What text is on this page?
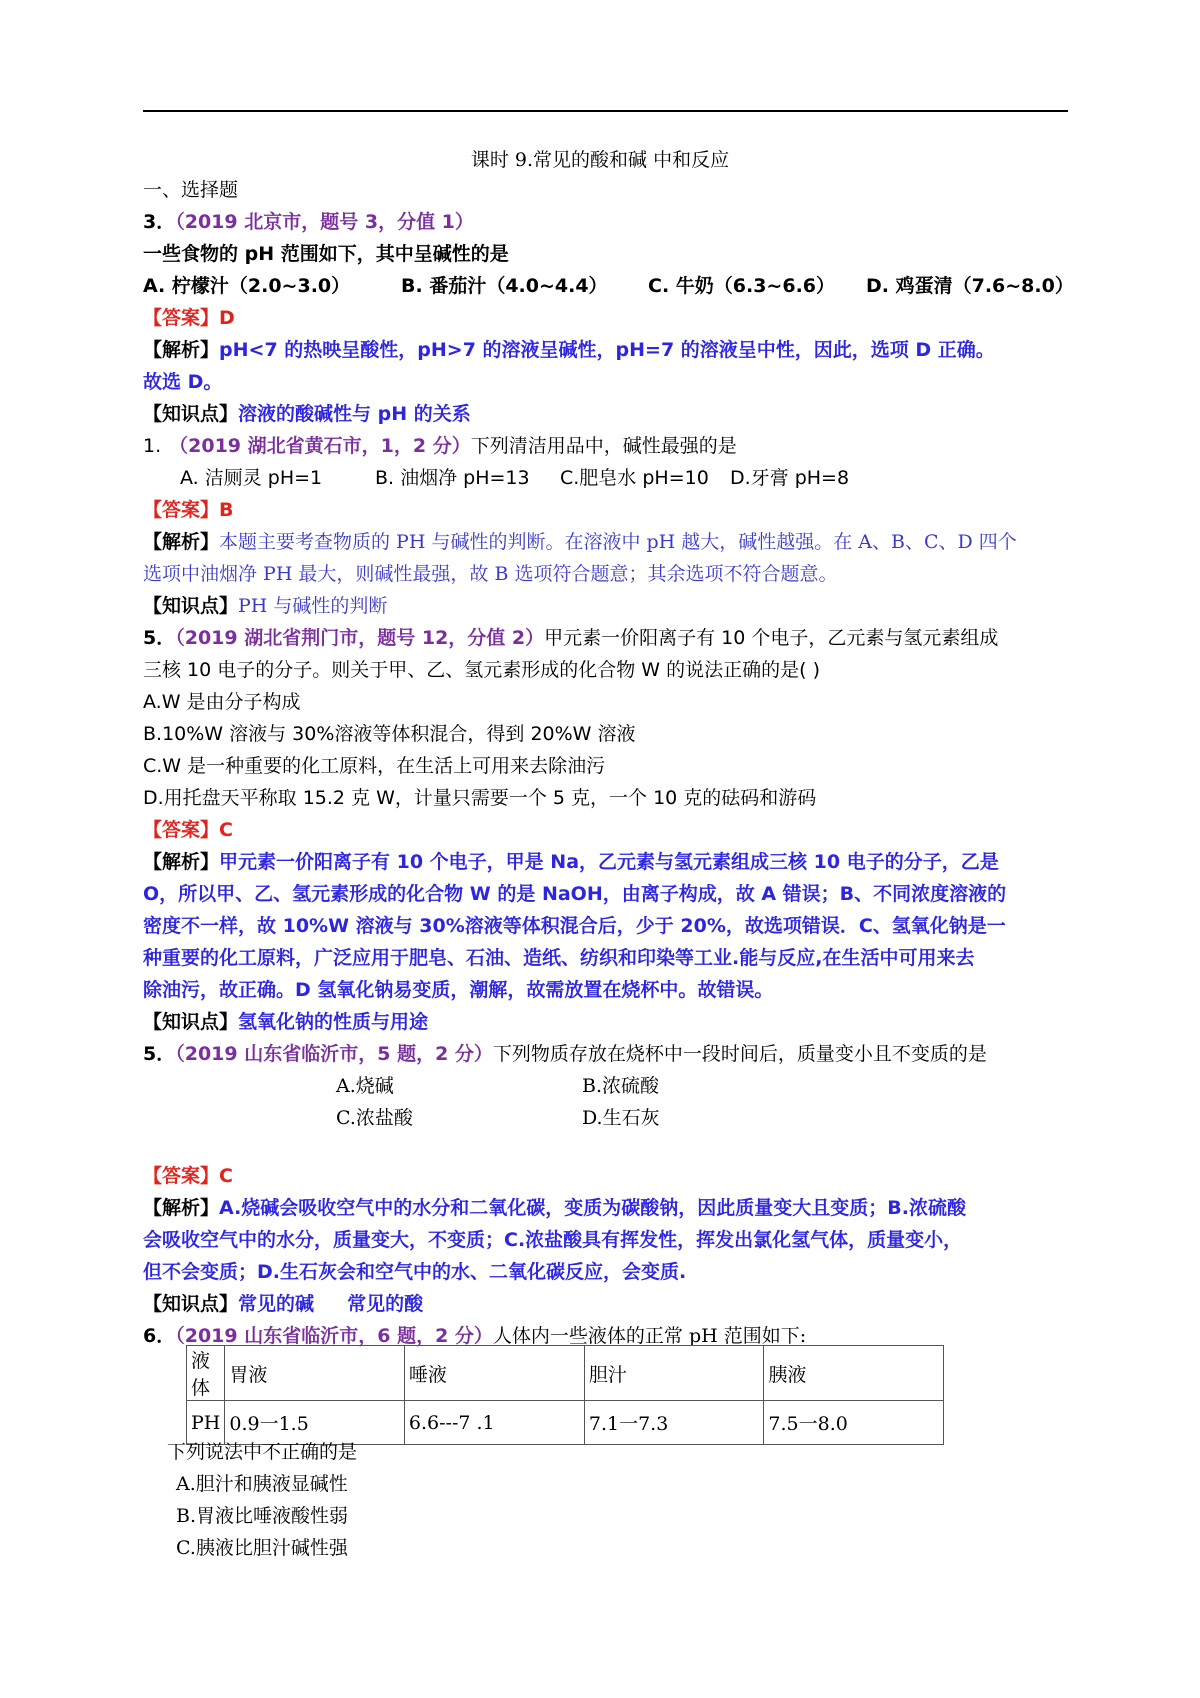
课时 9.常见的酸和碱 中和反应
一、选择题
3．（2019 北京市，题号 3，分值 1）
一些食物的 pH 范围如下，其中呈碱性的是
A. 柠檬汁（2.0~3.0）	B. 番茄汁（4.0~4.4） C. 牛奶（6.3~6.6） D. 鸡蛋清（7.6~8.0）
【答案】D
【解析】pH<7 的热映呈酸性，pH>7 的溶液呈碱性，pH=7 的溶液呈中性，因此，选项 D 正确。
故选 D。
【知识点】溶液的酸碱性与 pH 的关系
1. （2019 湖北省黄石市，1，2 分）下列清洁用品中，碱性最强的是
A. 洁厕灵 pH=1	B. 油烟净 pH=13 C.肥皂水 pH=10 D.牙膏 pH=8
【答案】B
【解析】本题主要考查物质的 PH 与碱性的判断。在溶液中 pH 越大，碱性越强。在 A、B、C、D 四个
选项中油烟净 PH 最大，则碱性最强，故 B 选项符合题意；其余选项不符合题意。
【知识点】PH 与碱性的判断
5．（2019 湖北省荆门市，题号 12，分值 2）甲元素一价阳离子有 10 个电子，乙元素与氢元素组成
三核 10 电子的分子。则关于甲、乙、氢元素形成的化合物 W 的说法正确的是( )
A.W 是由分子构成
B.10%W 溶液与 30%溶液等体积混合，得到 20%W 溶液
C.W 是一种重要的化工原料，在生活上可用来去除油污
D.用托盘天平称取 15.2 克 W，计量只需要一个 5 克，一个 10 克的砝码和游码
【答案】C
【解析】甲元素一价阳离子有 10 个电子，甲是 Na，乙元素与氢元素组成三核 10 电子的分子，乙是
O，所以甲、乙、氢元素形成的化合物 W 的是 NaOH，由离子构成，故 A 错误；B、不同浓度溶液的
密度不一样，故 10%W 溶液与 30%溶液等体积混合后，少于 20%，故选项错误．C、氢氧化钠是一
种重要的化工原料，广泛应用于肥皂、石油、造纸、纺织和印染等工业.能与反应,在生活中可用来去
除油污，故正确。D 氢氧化钠易变质，潮解，故需放置在烧杯中。故错误。
【知识点】氢氧化钠的性质与用途
5．（2019 山东省临沂市，5 题，2 分）下列物质存放在烧杯中一段时间后，质量变小且不变质的是
A.烧碱	B.浓硫酸
C.浓盐酸	D.生石灰
【答案】C
【解析】A.烧碱会吸收空气中的水分和二氧化碳，变质为碳酸钠，因此质量变大且变质；B.浓硫酸
会吸收空气中的水分，质量变大，不变质；C.浓盐酸具有挥发性，挥发出氯化氢气体，质量变小，
但不会变质；D.生石灰会和空气中的水、二氧化碳反应，会变质.
【知识点】常见的碱     常见的酸
6．（2019 山东省临沂市，6 题，2 分）人体内一些液体的正常 pH 范围如下:
液体	胃液	唾液	胆汁	胰液
PH	0.9一1.5	6.6---7 .1	7.1一7.3	7.5一8.0
下列说法中不正确的是
A.胆汁和胰液显碱性
B.胃液比唾液酸性弱
C.胰液比胆汁碱性强
